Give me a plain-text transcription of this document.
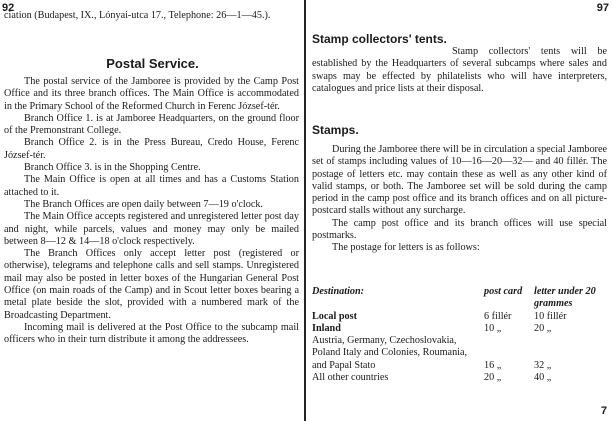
92
ciation (Budapest, IX., Lónyai-utca 17., Telephone: 26—1—45.).
Postal Service.

The postal service of the Jamboree is provided by the Camp Post Office and its three branch offices. The Main Office is accommodated in the Primary School of the Reformed Church in Ferenc József-tér.

Branch Office 1. is at Jamboree Headquarters, on the ground floor of the Premonstrant College.

Branch Office 2. is in the Press Bureau, Credo House, Ferenc József-tér.

Branch Office 3. is in the Shopping Centre.

The Main Office is open at all times and has a Customs Station attached to it.

The Branch Offices are open daily between 7—19 o'clock.

The Main Office accepts registered and unregistered letter post day and night, while parcels, values and money may only be mailed between 8—12 & 14—18 o'clock respectively.

The Branch Offices only accept letter post (registered or otherwise), telegrams and telephone calls and sell stamps. Unregistered mail may also be posted in letter boxes of the Hungarian General Post Office (on main roads of the Camp) and in Scout letter boxes bearing a metal plate beside the slot, provided with a numbered mark of the Broadcasting Department.

Incoming mail is delivered at the Post Office to the subcamp mail officers who in their turn distribute it among the addressees.

97
Stamp collectors' tents.
Stamp collectors' tents will be established by the Headquarters of several subcamps where sales and swaps may be effected by philatelists who will have interpreters, catalogues and price lists at their disposal.
Stamps.

During the Jamboree there will be in circulation a special Jamboree set of stamps including values of 10—16—20—32— and 40 fillér. The postage of letters etc. may contain these as well as any other kind of valid stamps, or both. The Jamboree set will be sold during the camp period in the camp post office and its branch offices and on all picture-postcard stalls without any surcharge.

The camp post office and its branch offices will use special postmarks.

The postage for letters is as follows:

Destination:	post card	letter under 20 grammes
Local post	6 fillér	10 fillér
Inland	10 „	20 „
Austria, Germany, Czechoslovakia, Poland Italy and Colonies, Roumania, and Papal Stato	16 „	32 „
All other countries	20 „	40 „
7
